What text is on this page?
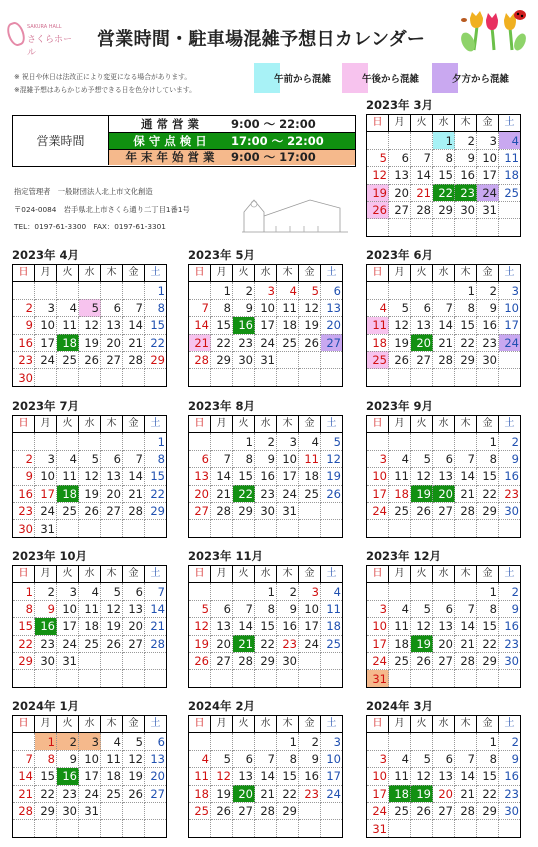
SAKURA HALL
さくらホール
営業時間・駐車場混雑予想日カレンダー
※ 祝日や休日は法改正により変更になる場合があります。
※混雑予想はあらかじめ予想できる日を色分けしています。
午前から混雑	午後から混雑	夕方から混雑
営業時間
通 常 営 業	9:00 ～ 22:00
保 守 点 検 日	17:00 ～ 22:00
年 末 年 始 営 業	9:00 ～ 17:00
指定管理者　一般財団法人北上市文化創造
〒024-0084　岩手県北上市さくら通り二丁目1番1号
TEL：0197-61-3300　FAX：0197-61-3301
2023年 3月
日	月	火	水	木	金	土
			1	2	3	4
5	6	7	8	9	10	11
12	13	14	15	16	17	18
19	20	21	22	23	24	25
26	27	28	29	30	31	

2023年 4月
日	月	火	水	木	金	土
						1
2	3	4	5	6	7	8
9	10	11	12	13	14	15
16	17	18	19	20	21	22
23	24	25	26	27	28	29
30						
2023年 5月
日	月	火	水	木	金	土
	1	2	3	4	5	6
7	8	9	10	11	12	13
14	15	16	17	18	19	20
21	22	23	24	25	26	27
28	29	30	31			

2023年 6月
日	月	火	水	木	金	土
				1	2	3
4	5	6	7	8	9	10
11	12	13	14	15	16	17
18	19	20	21	22	23	24
25	26	27	28	29	30	

2023年 7月
日	月	火	水	木	金	土
						1
2	3	4	5	6	7	8
9	10	11	12	13	14	15
16	17	18	19	20	21	22
23	24	25	26	27	28	29
30	31					
2023年 8月
日	月	火	水	木	金	土
		1	2	3	4	5
6	7	8	9	10	11	12
13	14	15	16	17	18	19
20	21	22	23	24	25	26
27	28	29	30	31		

2023年 9月
日	月	火	水	木	金	土
					1	2
3	4	5	6	7	8	9
10	11	12	13	14	15	16
17	18	19	20	21	22	23
24	25	26	27	28	29	30

2023年 10月
日	月	火	水	木	金	土
1	2	3	4	5	6	7
8	9	10	11	12	13	14
15	16	17	18	19	20	21
22	23	24	25	26	27	28
29	30	31				

2023年 11月
日	月	火	水	木	金	土
			1	2	3	4
5	6	7	8	9	10	11
12	13	14	15	16	17	18
19	20	21	22	23	24	25
26	27	28	29	30		

2023年 12月
日	月	火	水	木	金	土
					1	2
3	4	5	6	7	8	9
10	11	12	13	14	15	16
17	18	19	20	21	22	23
24	25	26	27	28	29	30
31						
2024年 1月
日	月	火	水	木	金	土
	1	2	3	4	5	6
7	8	9	10	11	12	13
14	15	16	17	18	19	20
21	22	23	24	25	26	27
28	29	30	31			

2024年 2月
日	月	火	水	木	金	土
				1	2	3
4	5	6	7	8	9	10
11	12	13	14	15	16	17
18	19	20	21	22	23	24
25	26	27	28	29		

2024年 3月
日	月	火	水	木	金	土
					1	2
3	4	5	6	7	8	9
10	11	12	13	14	15	16
17	18	19	20	21	22	23
24	25	26	27	28	29	30
31						
